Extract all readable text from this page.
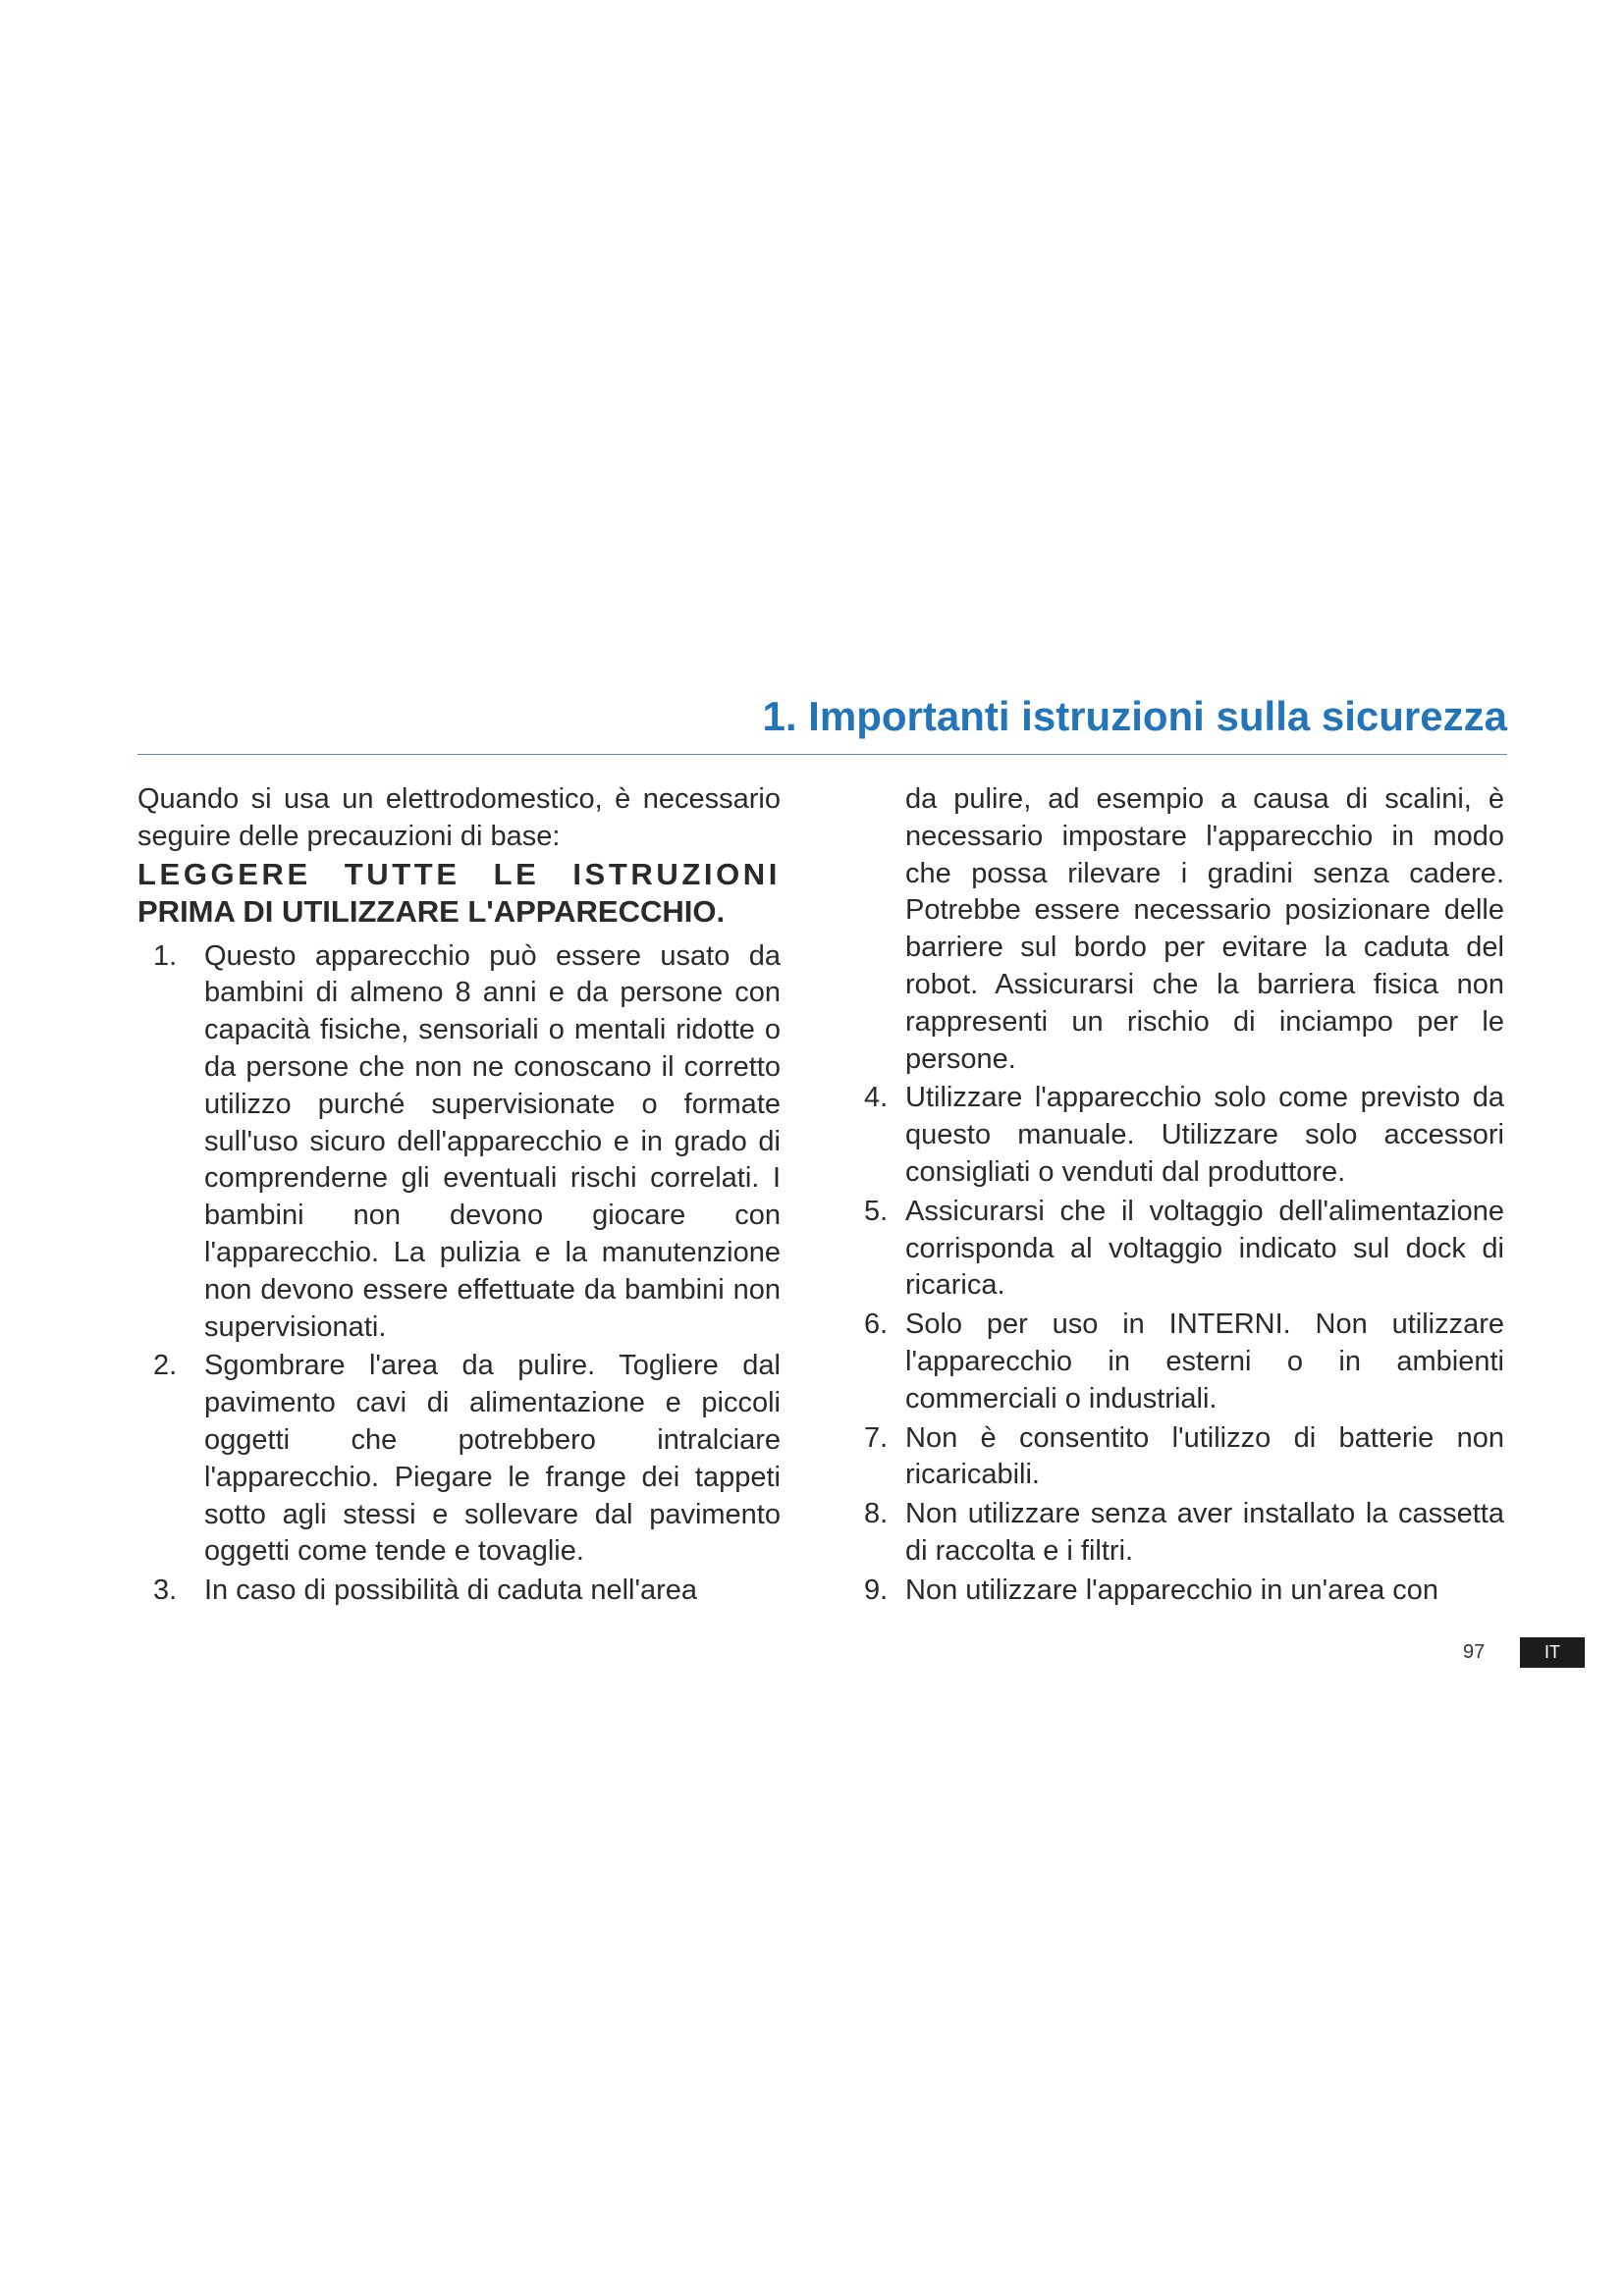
1. Importanti istruzioni sulla sicurezza

Quando si usa un elettrodomestico, è necessario seguire delle precauzioni di base:

LEGGERE TUTTE LE ISTRUZIONI

PRIMA DI UTILIZZARE L'APPARECCHIO.

1. Questo apparecchio può essere usato da bambini di almeno 8 anni e da persone con capacità fisiche, sensoriali o mentali ridotte o da persone che non ne conoscano il corretto utilizzo purché supervisionate o formate sull'uso sicuro dell'apparecchio e in grado di comprenderne gli eventuali rischi correlati. I bambini non devono giocare con l'apparecchio. La pulizia e la manutenzione non devono essere effettuate da bambini non supervisionati.
2. Sgombrare l'area da pulire. Togliere dal pavimento cavi di alimentazione e piccoli oggetti che potrebbero intralciare l'apparecchio. Piegare le frange dei tappeti sotto agli stessi e sollevare dal pavimento oggetti come tende e tovaglie.
3. In caso di possibilità di caduta nell'area

da pulire, ad esempio a causa di scalini, è necessario impostare l'apparecchio in modo che possa rilevare i gradini senza cadere. Potrebbe essere necessario posizionare delle barriere sul bordo per evitare la caduta del robot. Assicurarsi che la barriera fisica non rappresenti un rischio di inciampo per le persone.

4. Utilizzare l'apparecchio solo come previsto da questo manuale. Utilizzare solo accessori consigliati o venduti dal produttore.
5. Assicurarsi che il voltaggio dell'alimentazione corrisponda al voltaggio indicato sul dock di ricarica.
6. Solo per uso in INTERNI. Non utilizzare l'apparecchio in esterni o in ambienti commerciali o industriali.
7. Non è consentito l'utilizzo di batterie non ricaricabili.
8. Non utilizzare senza aver installato la cassetta di raccolta e i filtri.
9. Non utilizzare l'apparecchio in un'area con
97	IT
